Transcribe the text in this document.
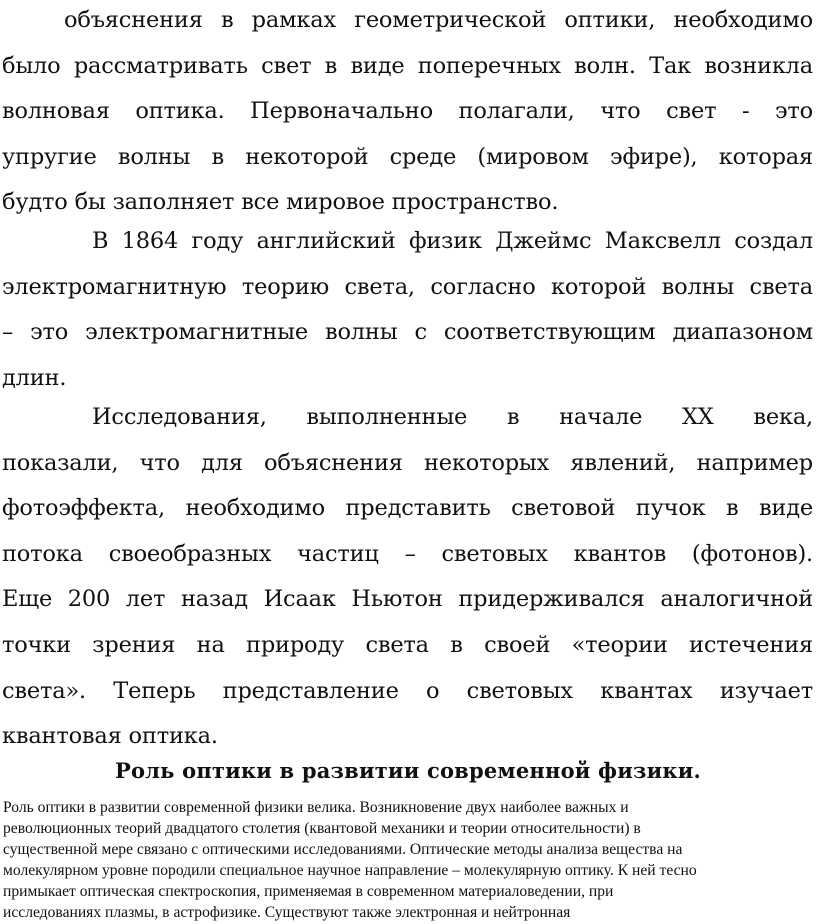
объяснения в рамках геометрической оптики, необходимо
было рассматривать свет в виде поперечных волн. Так возникла
волновая оптика. Первоначально полагали, что свет - это
упругие волны в некоторой среде (мировом эфире), которая
будто бы заполняет все мировое пространство.
В 1864 году английский физик Джеймс Максвелл создал
электромагнитную теорию света, согласно которой волны света
– это электромагнитные волны с соответствующим диапазоном
длин.
Исследования, выполненные в начале XX века,
показали, что для объяснения некоторых явлений, например
фотоэффекта, необходимо представить световой пучок в виде
потока своеобразных частиц – световых квантов (фотонов).
Еще 200 лет назад Исаак Ньютон придерживался аналогичной
точки зрения на природу света в своей «теории истечения
света». Теперь представление о световых квантах изучает
квантовая оптика.
Роль оптики в развитии современной физики.
Роль оптики в развитии современной физики велика. Возникновение двух наиболее важных и
революционных теорий двадцатого столетия (квантовой механики и теории относительности) в
существенной мере связано с оптическими исследованиями. Оптические методы анализа вещества на
молекулярном уровне породили специальное научное направление – молекулярную оптику. К ней тесно
примыкает оптическая спектроскопия, применяемая в современном материаловедении, при
исследованиях плазмы, в астрофизике. Существуют также электронная и нейтронная
